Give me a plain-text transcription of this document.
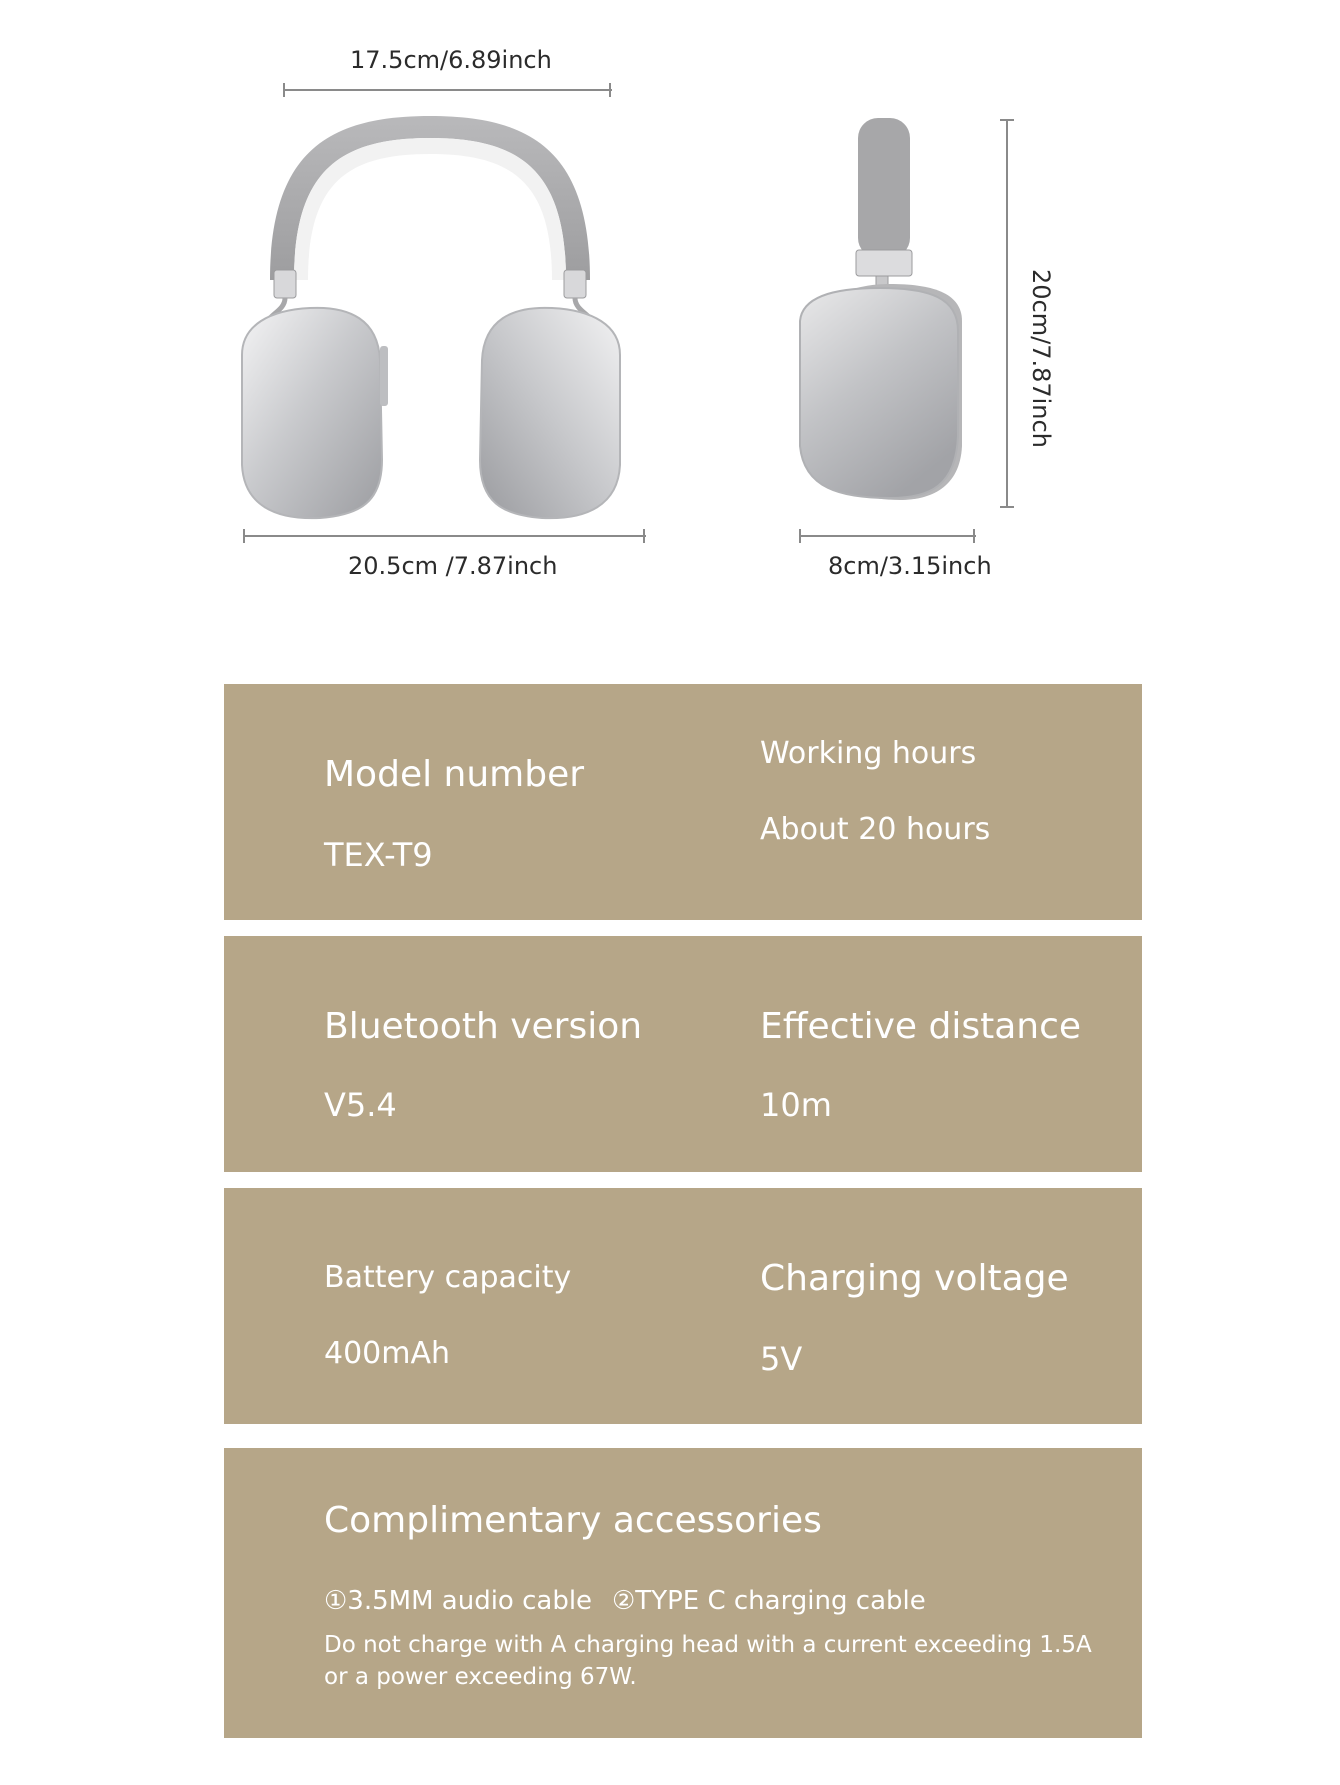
17.5cm/6.89inch
20.5cm /7.87inch
20cm/7.87inch
8cm/3.15inch
Model number
TEX-T9
Working hours
About 20 hours
Bluetooth version
V5.4
Effective distance
10m
Battery capacity
400mAh
Charging voltage
5V
Complimentary accessories
①3.5MM audio cable ②TYPE C charging cable
Do not charge with A charging head with a current exceeding 1.5A
or a power exceeding 67W.
